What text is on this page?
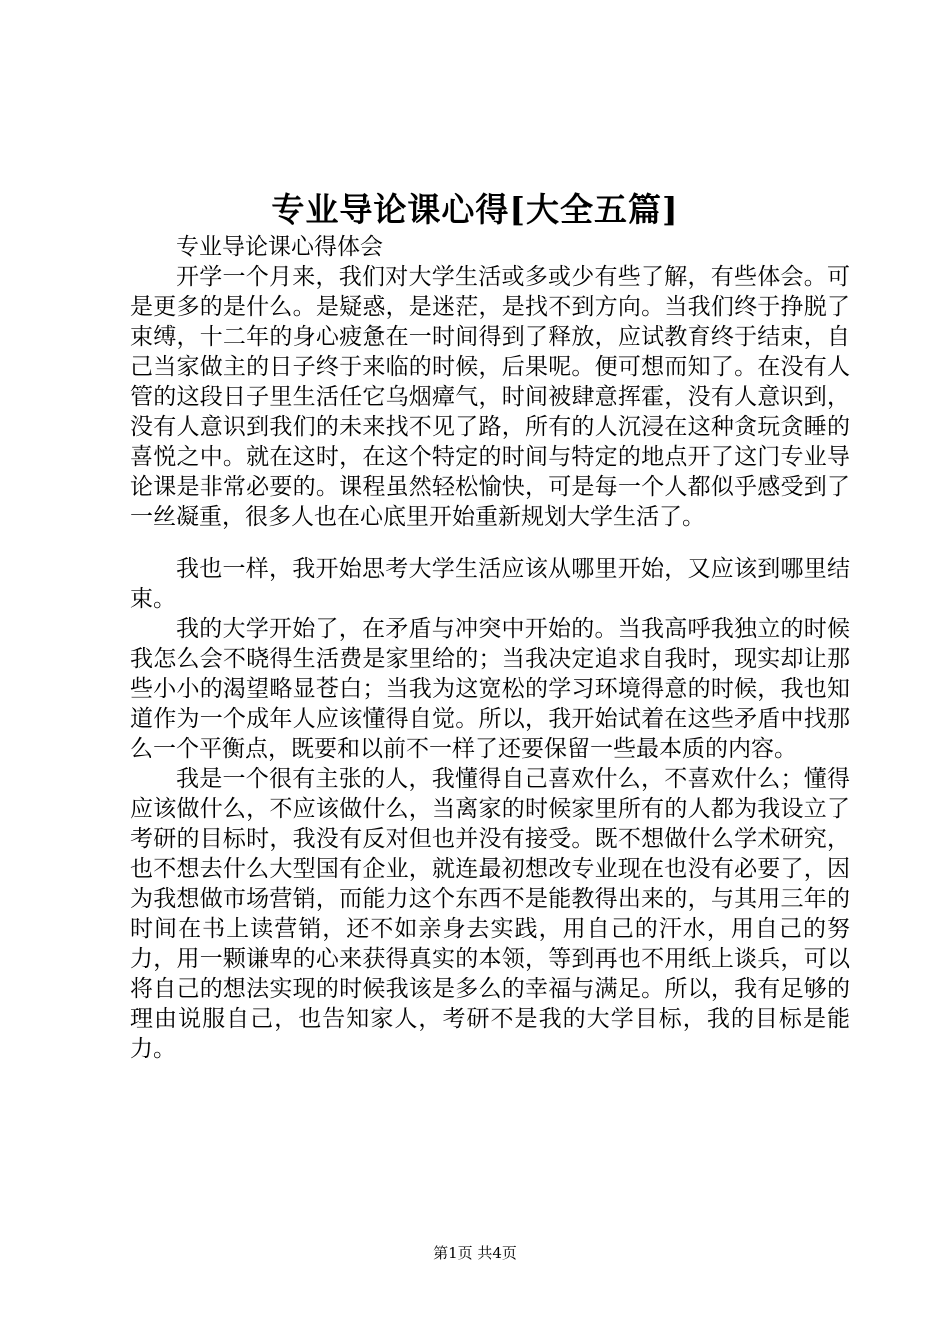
专业导论课心得[大全五篇]

专业导论课心得体会

开学一个月来，我们对大学生活或多或少有些了解，有些体会。可是更多的是什么。是疑惑，是迷茫，是找不到方向。当我们终于挣脱了束缚，十二年的身心疲惫在一时间得到了释放，应试教育终于结束，自己当家做主的日子终于来临的时候，后果呢。便可想而知了。在没有人管的这段日子里生活任它乌烟瘴气，时间被肆意挥霍，没有人意识到，没有人意识到我们的未来找不见了路，所有的人沉浸在这种贪玩贪睡的喜悦之中。就在这时，在这个特定的时间与特定的地点开了这门专业导论课是非常必要的。课程虽然轻松愉快，可是每一个人都似乎感受到了一丝凝重，很多人也在心底里开始重新规划大学生活了。

我也一样，我开始思考大学生活应该从哪里开始，又应该到哪里结束。

我的大学开始了，在矛盾与冲突中开始的。当我高呼我独立的时候我怎么会不晓得生活费是家里给的；当我决定追求自我时，现实却让那些小小的渴望略显苍白；当我为这宽松的学习环境得意的时候，我也知道作为一个成年人应该懂得自觉。所以，我开始试着在这些矛盾中找那么一个平衡点，既要和以前不一样了还要保留一些最本质的内容。

我是一个很有主张的人，我懂得自己喜欢什么，不喜欢什么；懂得应该做什么，不应该做什么，当离家的时候家里所有的人都为我设立了考研的目标时，我没有反对但也并没有接受。既不想做什么学术研究，也不想去什么大型国有企业，就连最初想改专业现在也没有必要了，因为我想做市场营销，而能力这个东西不是能教得出来的，与其用三年的时间在书上读营销，还不如亲身去实践，用自己的汗水，用自己的努力，用一颗谦卑的心来获得真实的本领，等到再也不用纸上谈兵，可以将自己的想法实现的时候我该是多么的幸福与满足。所以，我有足够的理由说服自己，也告知家人，考研不是我的大学目标，我的目标是能力。

第1页 共4页
